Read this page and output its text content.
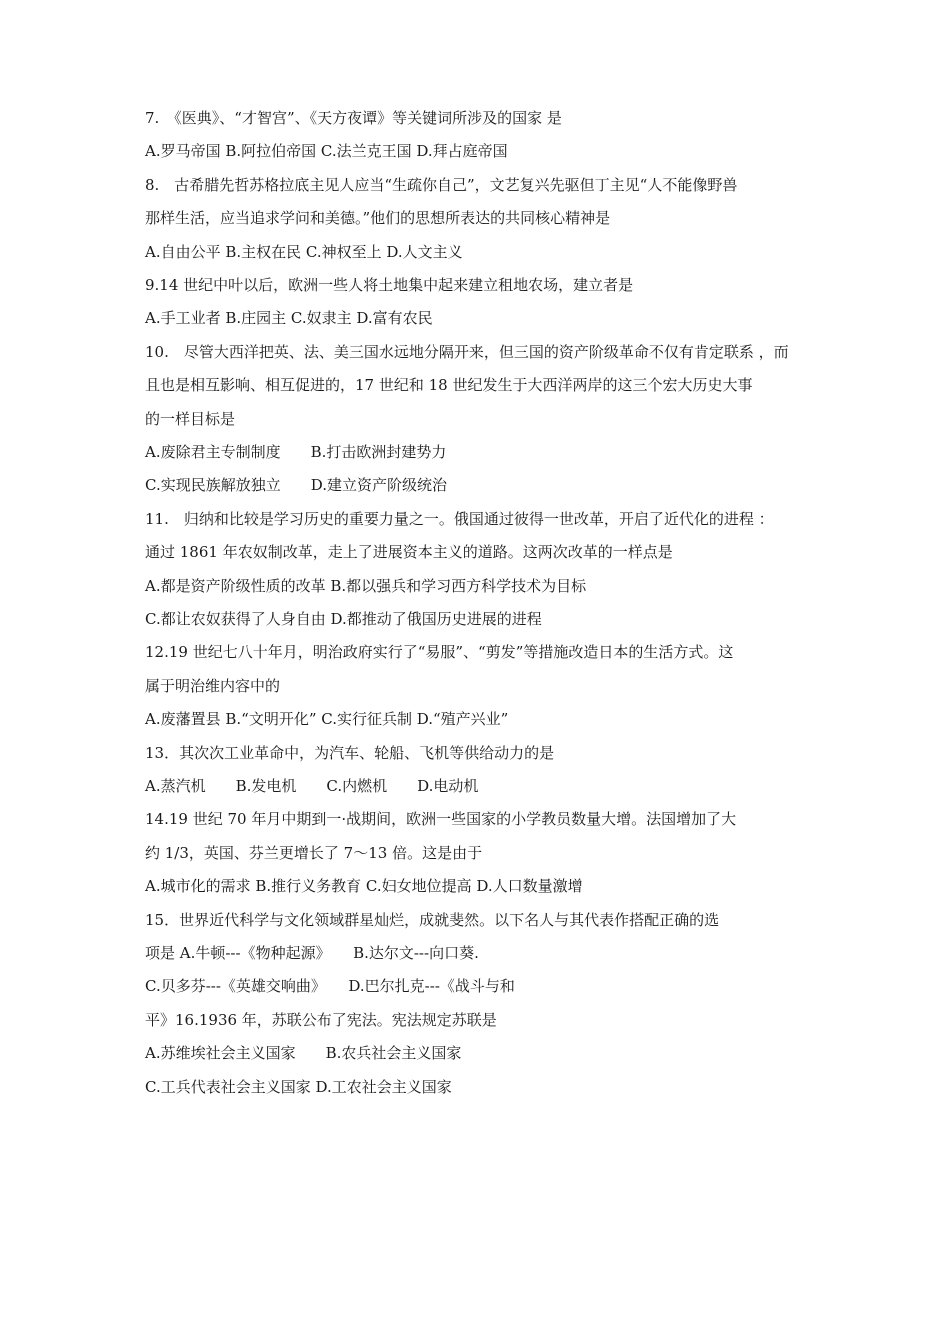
7.　《医典》、“才智宫”、《天方夜谭》等关键词所涉及的国家 是
A.罗马帝国 B.阿拉伯帝国 C.法兰克王国 D.拜占庭帝国
8.　古希腊先哲苏格拉底主见人应当“生疏你自己”，文艺复兴先驱但丁主见“人不能像野兽
那样生活，应当追求学问和美德。”他们的思想所表达的共同核心精神是
A.自由公平 B.主权在民 C.神权至上 D.人文主义
9.14 世纪中叶以后，欧洲一些人将土地集中起来建立租地农场，建立者是
A.手工业者 B.庄园主 C.奴隶主 D.富有农民
10.　尽管大西洋把英、法、美三国水远地分隔开来，但三国的资产阶级革命不仅有肯定联系 ，而
且也是相互影响、相互促进的，17 世纪和 18 世纪发生于大西洋两岸的这三个宏大历史大事
的一样目标是
A.废除君主专制制度　　B.打击欧洲封建势力
C.实现民族解放独立　　D.建立资产阶级统治
11.　归纳和比较是学习历史的重要力量之一。俄国通过彼得一世改革，开启了近代化的进程 ：
通过 1861 年农奴制改革，走上了进展资本主义的道路。这两次改革的一样点是
A.都是资产阶级性质的改革 B.都以强兵和学习西方科学技术为目标
C.都让农奴获得了人身自由 D.都推动了俄国历史进展的进程
12.19 世纪七八十年月，明治政府实行了“易服”、“剪发”等措施改造日本的生活方式。这
属于明治维内容中的
A.废藩置县 B.“文明开化” C.实行征兵制 D.“殖产兴业”
13．其次次工业革命中，为汽车、轮船、飞机等供给动力的是
A.蒸汽机　　B.发电机　　C.内燃机　　D.电动机
14.19 世纪 70 年月中期到一·战期间，欧洲一些国家的小学教员数量大增。法国增加了大
约 1/3，英国、芬兰更增长了 7～13 倍。这是由于
A.城市化的需求 B.推行义务教育 C.妇女地位提高 D.人口数量激增
15．世界近代科学与文化领域群星灿烂，成就斐然。以下名人与其代表作搭配正确的选
项是 A.牛顿---《物种起源》　　B.达尔文---向口葵.
C.贝多芬---《英雄交响曲》　　D.巴尔扎克---《战斗与和
平》16.1936 年，苏联公布了宪法。宪法规定苏联是
A.苏维埃社会主义国家　　B.农兵社会主义国家
C.工兵代表社会主义国家 D.工农社会主义国家
